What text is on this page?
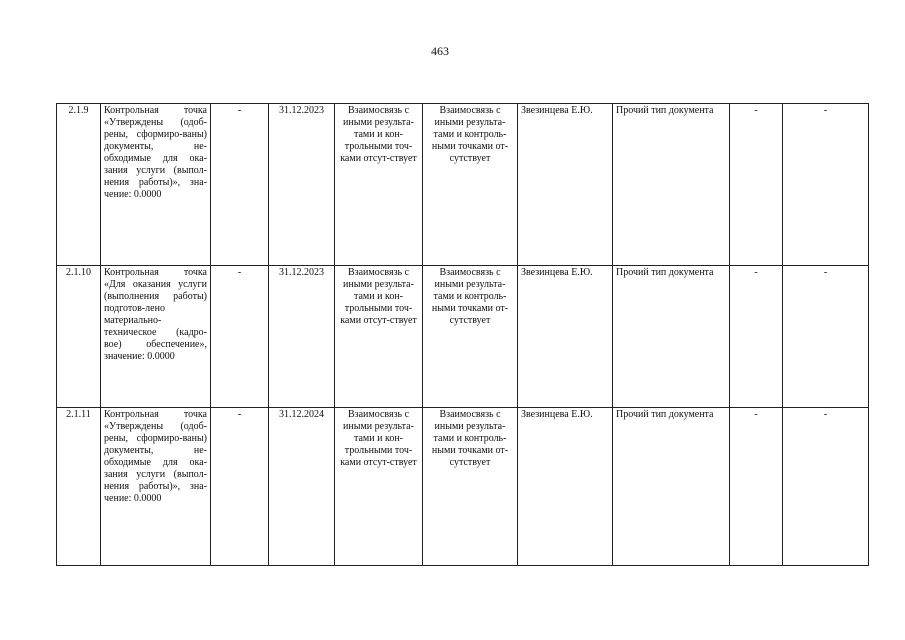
463
2.1.9	Контрольная точка «Утверждены (одоб-рены, сформиро-ваны) документы, не-обходимые для ока-зания услуги (выпол-нения работы)», зна-чение: 0.0000	-	31.12.2023	Взаимосвязь с иными результа-тами и кон-трольными точ-ками отсут-ствует	Взаимосвязь с иными результа-тами и контроль-ными точками от-сутствует	Звезинцева Е.Ю.	Прочий тип документа	-	-
2.1.10	Контрольная точка «Для оказания услуги (выполнения работы) подготов-лено материально-техническое (кадро-вое) обеспечение», значение: 0.0000	-	31.12.2023	Взаимосвязь с иными результа-тами и кон-трольными точ-ками отсут-ствует	Взаимосвязь с иными результа-тами и контроль-ными точками от-сутствует	Звезинцева Е.Ю.	Прочий тип документа	-	-
2.1.11	Контрольная точка «Утверждены (одоб-рены, сформиро-ваны) документы, не-обходимые для ока-зания услуги (выпол-нения работы)», зна-чение: 0.0000	-	31.12.2024	Взаимосвязь с иными результа-тами и кон-трольными точ-ками отсут-ствует	Взаимосвязь с иными результа-тами и контроль-ными точками от-сутствует	Звезинцева Е.Ю.	Прочий тип документа	-	-
